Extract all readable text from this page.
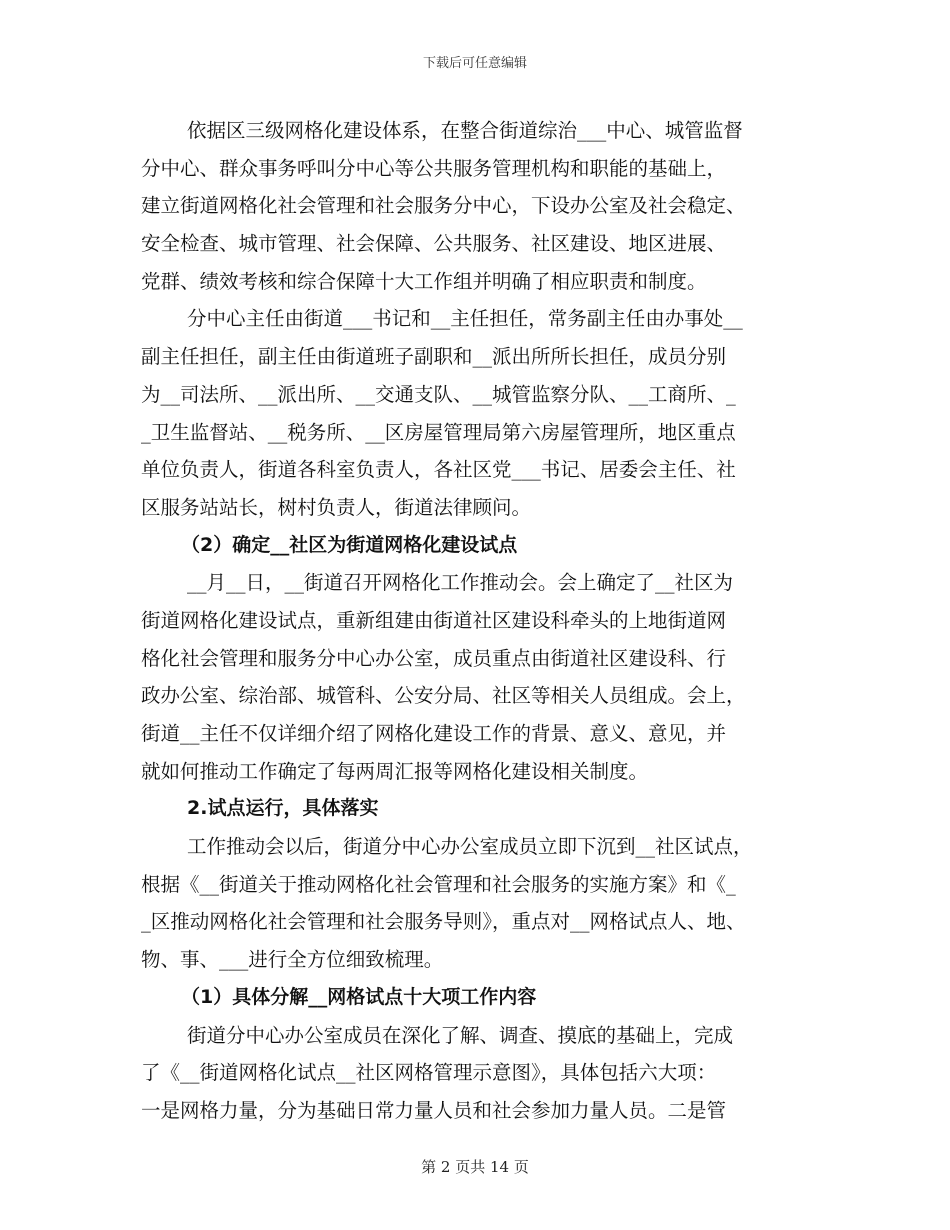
下载后可任意编辑
依据区三级网格化建设体系，在整合街道综治___中心、城管监督
分中心、群众事务呼叫分中心等公共服务管理机构和职能的基础上，
建立街道网格化社会管理和社会服务分中心，下设办公室及社会稳定、
安全检查、城市管理、社会保障、公共服务、社区建设、地区进展、
党群、绩效考核和综合保障十大工作组并明确了相应职责和制度。
分中心主任由街道___书记和__主任担任，常务副主任由办事处__
副主任担任，副主任由街道班子副职和__派出所所长担任，成员分别
为__司法所、__派出所、__交通支队、__城管监察分队、__工商所、_
_卫生监督站、__税务所、__区房屋管理局第六房屋管理所，地区重点
单位负责人，街道各科室负责人，各社区党___书记、居委会主任、社
区服务站站长，树村负责人，街道法律顾问。
（2）确定__社区为街道网格化建设试点
__月__日，__街道召开网格化工作推动会。会上确定了__社区为
街道网格化建设试点，重新组建由街道社区建设科牵头的上地街道网
格化社会管理和服务分中心办公室，成员重点由街道社区建设科、行
政办公室、综治部、城管科、公安分局、社区等相关人员组成。会上，
街道__主任不仅详细介绍了网格化建设工作的背景、意义、意见，并
就如何推动工作确定了每两周汇报等网格化建设相关制度。
2.试点运行，具体落实
工作推动会以后，街道分中心办公室成员立即下沉到__社区试点，
根据《__街道关于推动网格化社会管理和社会服务的实施方案》和《_
_区推动网格化社会管理和社会服务导则》，重点对__网格试点人、地、
物、事、___进行全方位细致梳理。
（1）具体分解__网格试点十大项工作内容
街道分中心办公室成员在深化了解、调查、摸底的基础上，完成
了《__街道网格化试点__社区网格管理示意图》，具体包括六大项：
一是网格力量，分为基础日常力量人员和社会参加力量人员。二是管
第 2 页共 14 页
